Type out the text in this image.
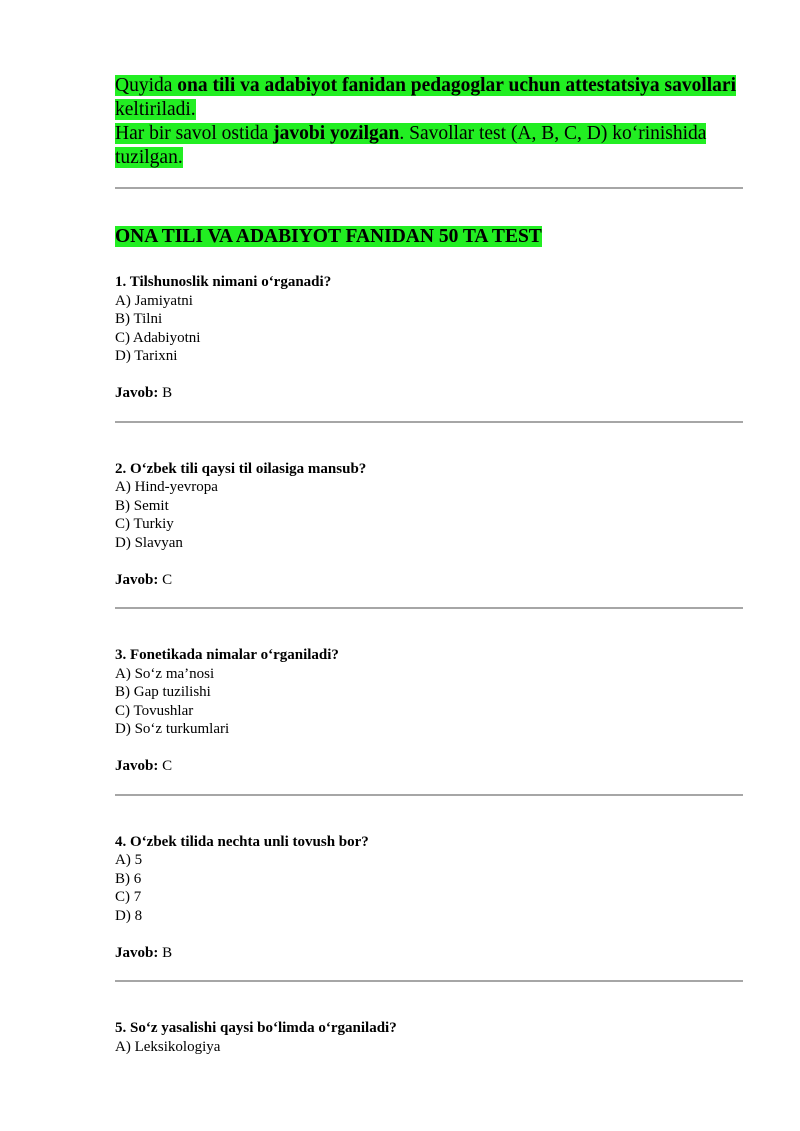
Quyida ona tili va adabiyot fanidan pedagoglar uchun attestatsiya savollari keltiriladi.
Har bir savol ostida javobi yozilgan. Savollar test (A, B, C, D) ko‘rinishida tuzilgan.

ONA TILI VA ADABIYOT FANIDAN 50 TA TEST
1. Tilshunoslik nimani o‘rganadi?
A) Jamiyatni
B) Tilni
C) Adabiyotni
D) Tarixni
Javob: B
2. O‘zbek tili qaysi til oilasiga mansub?
A) Hind-yevropa
B) Semit
C) Turkiy
D) Slavyan
Javob: C
3. Fonetikada nimalar o‘rganiladi?
A) So‘z ma’nosi
B) Gap tuzilishi
C) Tovushlar
D) So‘z turkumlari
Javob: C
4. O‘zbek tilida nechta unli tovush bor?
A) 5
B) 6
C) 7
D) 8
Javob: B
5. So‘z yasalishi qaysi bo‘limda o‘rganiladi?
A) Leksikologiya
